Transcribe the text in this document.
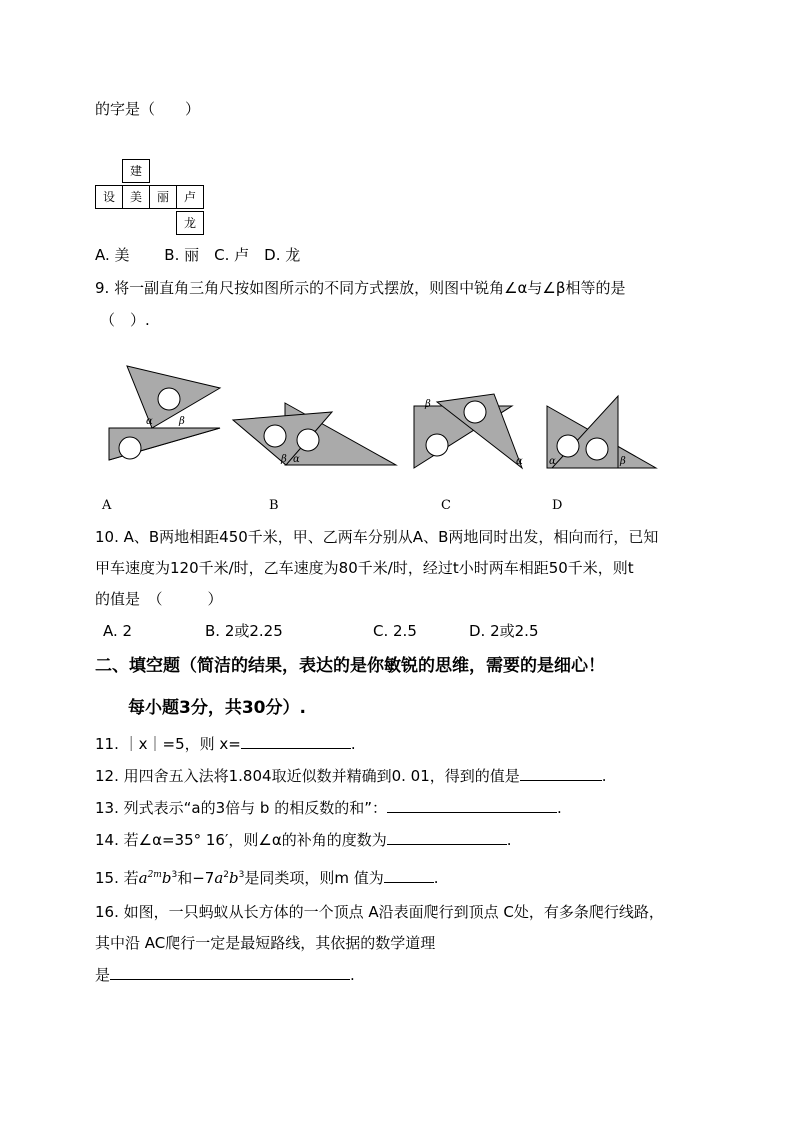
的字是（　　）
建
设	美	丽	卢
龙
A. 美　　 B. 丽　C. 卢　D. 龙
9. 将一副直角三角尺按如图所示的不同方式摆放，则图中锐角∠α与∠β相等的是
（　）.
α	β
β α
β
α	α	β
A	B	C	D
10. A、B两地相距450千米，甲、乙两车分别从A、B两地同时出发，相向而行，已知
甲车速度为120千米/时，乙车速度为80千米/时，经过t小时两车相距50千米，则t
的值是　（　　　）
A. 2	B. 2或2.25	C. 2.5	D. 2或2.5
二、填空题（简洁的结果，表达的是你敏锐的思维，需要的是细心！
每小题3分，共30分）.
11. ｜x｜=5，则 x=	.
12. 用四舍五入法将1.804取近似数并精确到0. 01，得到的值是	.
13. 列式表示“a的3倍与 b 的相反数的和”：	.
14. 若∠α=35° 16′，则∠α的补角的度数为	.
15. 若$a^{2m}b^3$和$-7a^2b^3$是同类项，则m 值为	.
16. 如图，一只蚂蚁从长方体的一个顶点 A沿表面爬行到顶点 C处，有多条爬行线路，
其中沿 AC爬行一定是最短路线，其依据的数学道理
是	.
